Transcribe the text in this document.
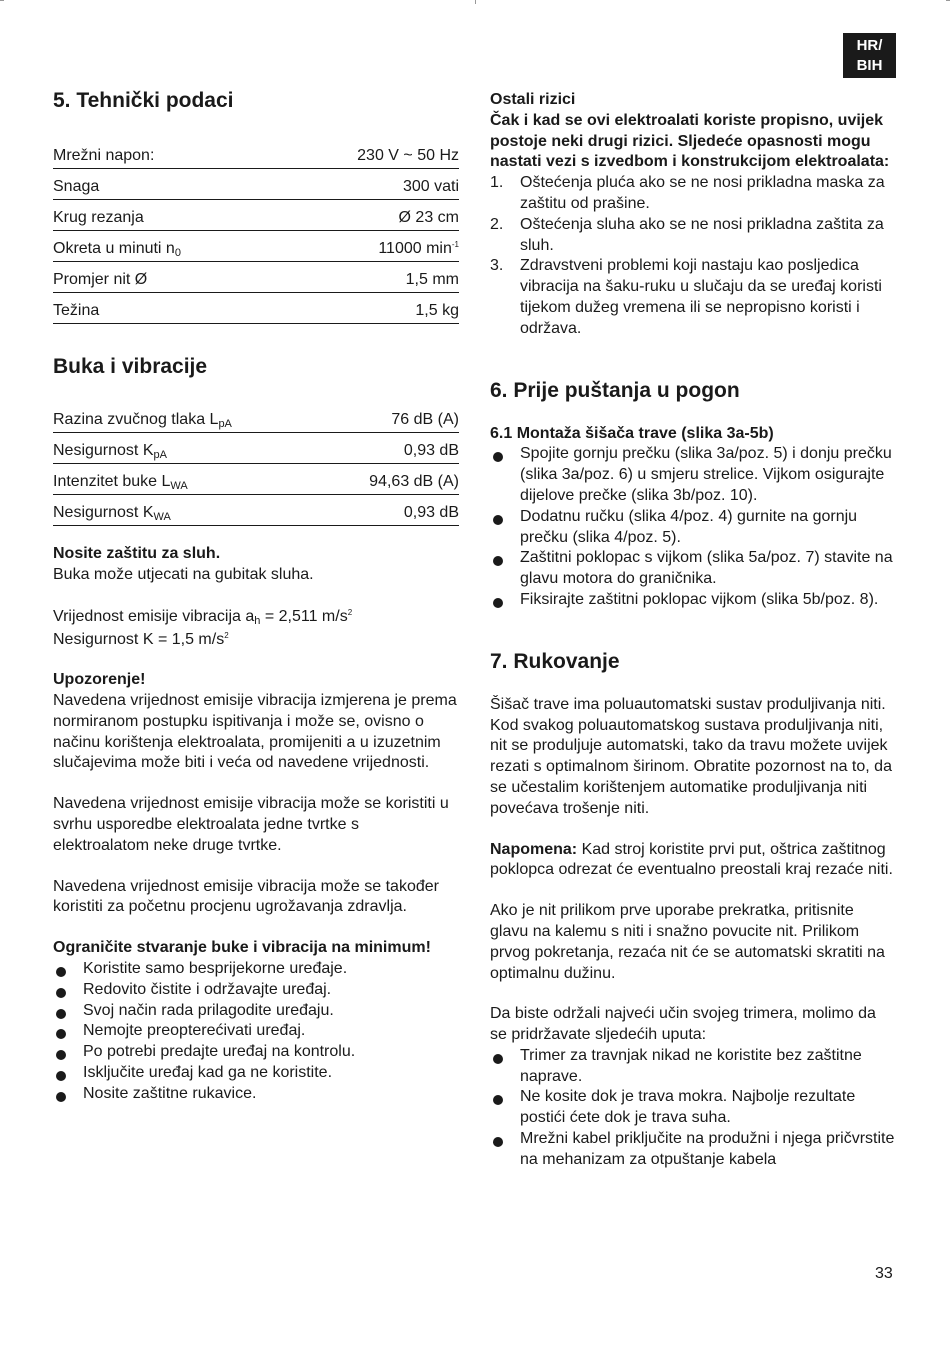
HR/
BIH
5. Tehnički podaci
Mrežni napon:	230 V ~ 50 Hz
Snaga	300 vati
Krug rezanja	Ø 23 cm
Okreta u minuti $n_0$	11000 $\min^{-1}$
Promjer nit Ø	1,5 mm
Težina	1,5 kg
Buka i vibracije
Razina zvučnog tlaka $L_{pA}$	76 dB (A)
Nesigurnost $K_{pA}$	0,93 dB
Intenzitet buke $L_{WA}$	94,63 dB (A)
Nesigurnost $K_{WA}$	0,93 dB

Nosite zaštitu za sluh.

Buka može utjecati na gubitak sluha.

Vrijednost emisije vibracija $a_h = 2,511$ $m/s^2$

Nesigurnost K = 1,5 $m/s^2$

Upozorenje!

Navedena vrijednost emisije vibracija izmjerena je prema normiranom postupku ispitivanja i može se, ovisno o načinu korištenja elektroalata, promijeniti a u izuzetnim slučajevima može biti i veća od navedene vrijednosti.

Navedena vrijednost emisije vibracija može se koristiti u svrhu usporedbe elektroalata jedne tvrtke s elektroalatom neke druge tvrtke.

Navedena vrijednost emisije vibracija može se također koristiti za početnu procjenu ugrožavanja zdravlja.

Ograničite stvaranje buke i vibracija na minimum!

Koristite samo besprijekorne uređaje.
Redovito čistite i održavajte uređaj.
Svoj način rada prilagodite uređaju.
Nemojte preopterećivati uređaj.
Po potrebi predajte uređaj na kontrolu.
Isključite uređaj kad ga ne koristite.
Nosite zaštitne rukavice.

Ostali rizici

Čak i kad se ovi elektroalati koriste propisno, uvijek postoje neki drugi rizici. Sljedeće opasnosti mogu nastati vezi s izvedbom i konstrukcijom elektroalata:

1. Oštećenja pluća ako se ne nosi prikladna maska za zaštitu od prašine.
2. Oštećenja sluha ako se ne nosi prikladna zaštita za sluh.
3. Zdravstveni problemi koji nastaju kao posljedica vibracija na šaku-ruku u slučaju da se uređaj koristi tijekom dužeg vremena ili se nepropisno koristi i održava.
6. Prije puštanja u pogon

6.1 Montaža šišača trave (slika 3a-5b)

Spojite gornju prečku (slika 3a/poz. 5) i donju prečku (slika 3a/poz. 6) u smjeru strelice. Vijkom osigurajte dijelove prečke (slika 3b/poz. 10).
Dodatnu ručku (slika 4/poz. 4) gurnite na gornju prečku (slika 4/poz. 5).
Zaštitni poklopac s vijkom (slika 5a/poz. 7) stavite na glavu motora do graničnika.
Fiksirajte zaštitni poklopac vijkom (slika 5b/poz. 8).
7. Rukovanje

Šišač trave ima poluautomatski sustav produljivanja niti. Kod svakog poluautomatskog sustava produljivanja niti, nit se produljuje automatski, tako da travu možete uvijek rezati s optimalnom širinom. Obratite pozornost na to, da se učestalim korištenjem automatike produljivanja niti povećava trošenje niti.

Napomena: Kad stroj koristite prvi put, oštrica zaštitnog poklopca odrezat će eventualno preostali kraj rezaće niti.

Ako je nit prilikom prve uporabe prekratka, pritisnite glavu na kalemu s niti i snažno povucite nit. Prilikom prvog pokretanja, rezaća nit će se automatski skratiti na optimalnu dužinu.

Da biste održali najveći učin svojeg trimera, molimo da se pridržavate sljedećih uputa:

Trimer za travnjak nikad ne koristite bez zaštitne naprave.
Ne kosite dok je trava mokra. Najbolje rezultate postići ćete dok je trava suha.
Mrežni kabel priključite na produžni i njega pričvrstite na mehanizam za otpuštanje kabela
33
